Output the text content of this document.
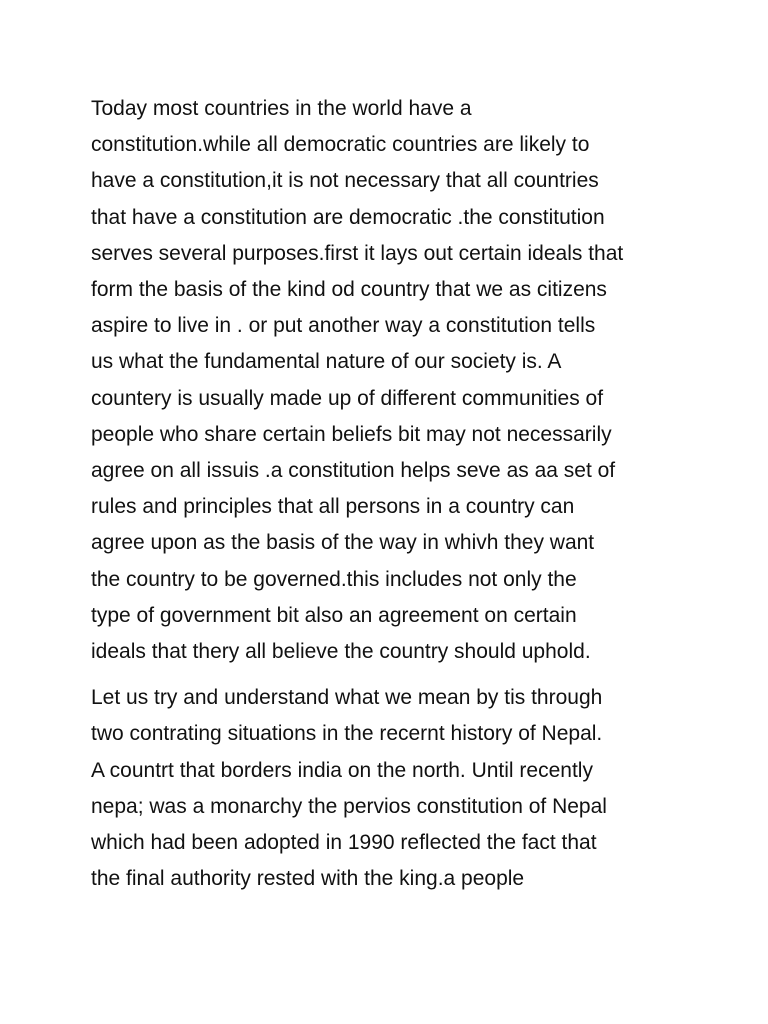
Today most countries in the world have a
constitution.while all democratic countries are likely to
have a constitution,it is not necessary that all countries
that have a constitution are democratic .the constitution
serves several purposes.first it lays out certain ideals that
form the basis of the kind od country that we as citizens
aspire to live in . or put another way a constitution tells
us what the fundamental nature of our society is. A
countery is usually made up of different communities of
people who share certain beliefs bit may not necessarily
agree on all issuis .a constitution helps seve as aa set of
rules and principles that all persons in a country can
agree upon as the basis of the way in whivh they want
the country to be governed.this includes not only the
type of government bit also an agreement on certain
ideals that thery all believe the country should uphold.

Let us try and understand what we mean by tis through
two contrating situations in the recernt history of Nepal.
A countrt that borders india on the north. Until recently
nepa; was a monarchy the pervios constitution of Nepal
which had been adopted in 1990 reflected the fact that
the final authority rested with the king.a people
